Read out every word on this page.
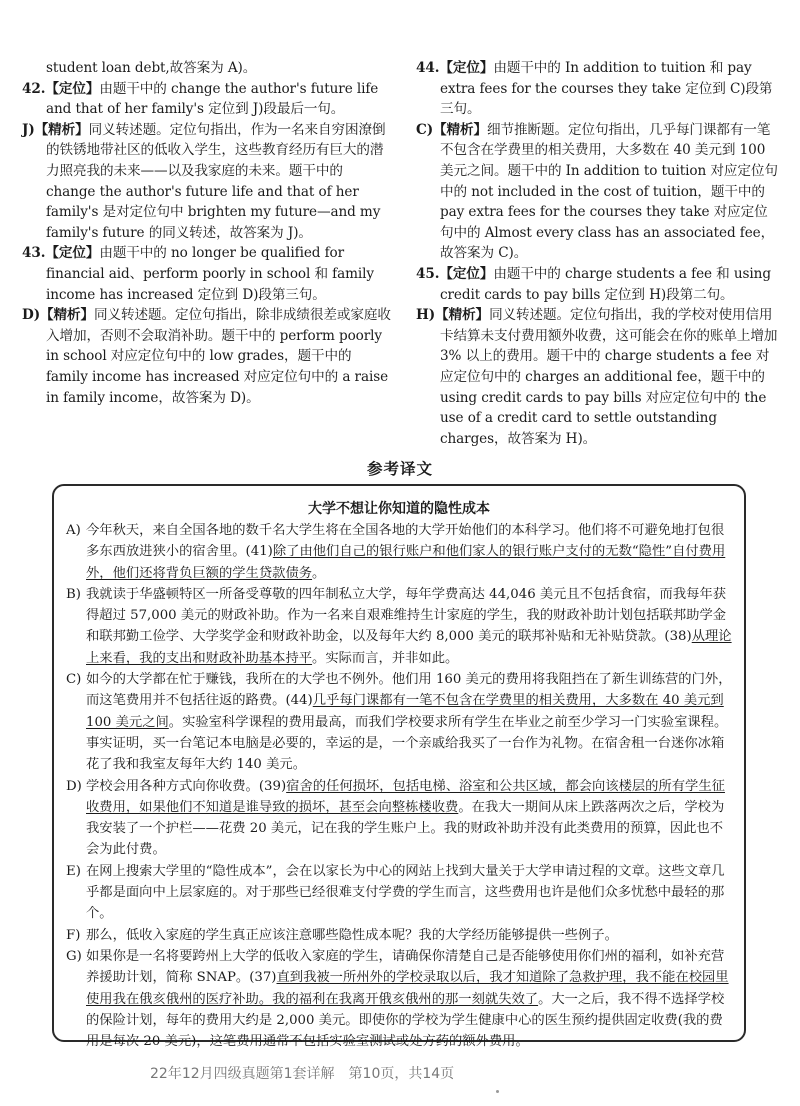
student loan debt,故答案为 A)。

42.【定位】由题干中的 change the author's future life and that of her family's 定位到 J)段最后一句。

J)【精析】同义转述题。定位句指出，作为一名来自穷困潦倒的铁锈地带社区的低收入学生，这些教育经历有巨大的潜力照亮我的未来——以及我家庭的未来。题干中的 change the author's future life and that of her family's 是对定位句中 brighten my future—and my family's future 的同义转述，故答案为 J)。

43.【定位】由题干中的 no longer be qualified for financial aid、perform poorly in school 和 family income has increased 定位到 D)段第三句。

D)【精析】同义转述题。定位句指出，除非成绩很差或家庭收入增加，否则不会取消补助。题干中的 perform poorly in school 对应定位句中的 low grades，题干中的 family income has increased 对应定位句中的 a raise in family income，故答案为 D)。

44.【定位】由题干中的 In addition to tuition 和 pay extra fees for the courses they take 定位到 C)段第三句。

C)【精析】细节推断题。定位句指出，几乎每门课都有一笔不包含在学费里的相关费用，大多数在 40 美元到 100 美元之间。题干中的 In addition to tuition 对应定位句中的 not included in the cost of tuition，题干中的 pay extra fees for the courses they take 对应定位句中的 Almost every class has an associated fee，故答案为 C)。

45.【定位】由题干中的 charge students a fee 和 using credit cards to pay bills 定位到 H)段第二句。

H)【精析】同义转述题。定位句指出，我的学校对使用信用卡结算未支付费用额外收费，这可能会在你的账单上增加 3% 以上的费用。题干中的 charge students a fee 对应定位句中的 charges an additional fee，题干中的 using credit cards to pay bills 对应定位句中的 the use of a credit card to settle outstanding charges，故答案为 H)。

参考译文
大学不想让你知道的隐性成本

A) 今年秋天，来自全国各地的数千名大学生将在全国各地的大学开始他们的本科学习。他们将不可避免地打包很多东西放进狭小的宿舍里。(41)除了由他们自己的银行账户和他们家人的银行账户支付的无数“隐性”自付费用外，他们还将背负巨额的学生贷款债务。

B) 我就读于华盛顿特区一所备受尊敬的四年制私立大学，每年学费高达 44,046 美元且不包括食宿，而我每年获得超过 57,000 美元的财政补助。作为一名来自艰难维持生计家庭的学生，我的财政补助计划包括联邦助学金和联邦勤工俭学、大学奖学金和财政补助金，以及每年大约 8,000 美元的联邦补贴和无补贴贷款。(38)从理论上来看，我的支出和财政补助基本持平。实际而言，并非如此。

C) 如今的大学都在忙于赚钱，我所在的大学也不例外。他们用 160 美元的费用将我阻挡在了新生训练营的门外，而这笔费用并不包括往返的路费。(44)几乎每门课都有一笔不包含在学费里的相关费用，大多数在 40 美元到 100 美元之间。实验室科学课程的费用最高，而我们学校要求所有学生在毕业之前至少学习一门实验室课程。事实证明，买一台笔记本电脑是必要的，幸运的是，一个亲戚给我买了一台作为礼物。在宿舍租一台迷你冰箱花了我和我室友每年大约 140 美元。

D) 学校会用各种方式向你收费。(39)宿舍的任何损坏，包括电梯、浴室和公共区域，都会向该楼层的所有学生征收费用，如果他们不知道是谁导致的损坏，甚至会向整栋楼收费。在我大一期间从床上跌落两次之后，学校为我安装了一个护栏——花费 20 美元，记在我的学生账户上。我的财政补助并没有此类费用的预算，因此也不会为此付费。

E) 在网上搜索大学里的“隐性成本”，会在以家长为中心的网站上找到大量关于大学申请过程的文章。这些文章几乎都是面向中上层家庭的。对于那些已经很难支付学费的学生而言，这些费用也许是他们众多忧愁中最轻的那个。

F) 那么，低收入家庭的学生真正应该注意哪些隐性成本呢？我的大学经历能够提供一些例子。

G) 如果你是一名将要跨州上大学的低收入家庭的学生，请确保你清楚自己是否能够使用你们州的福利，如补充营养援助计划，简称 SNAP。(37)直到我被一所州外的学校录取以后，我才知道除了急救护理，我不能在校园里使用我在俄亥俄州的医疗补助。我的福利在我离开俄亥俄州的那一刻就失效了。大一之后，我不得不选择学校的保险计划，每年的费用大约是 2,000 美元。即使你的学校为学生健康中心的医生预约提供固定收费(我的费用是每次 20 美元)，这笔费用通常不包括实验室测试或处方药的额外费用。

22年12月四级真题第1套详解　第10页，共14页
